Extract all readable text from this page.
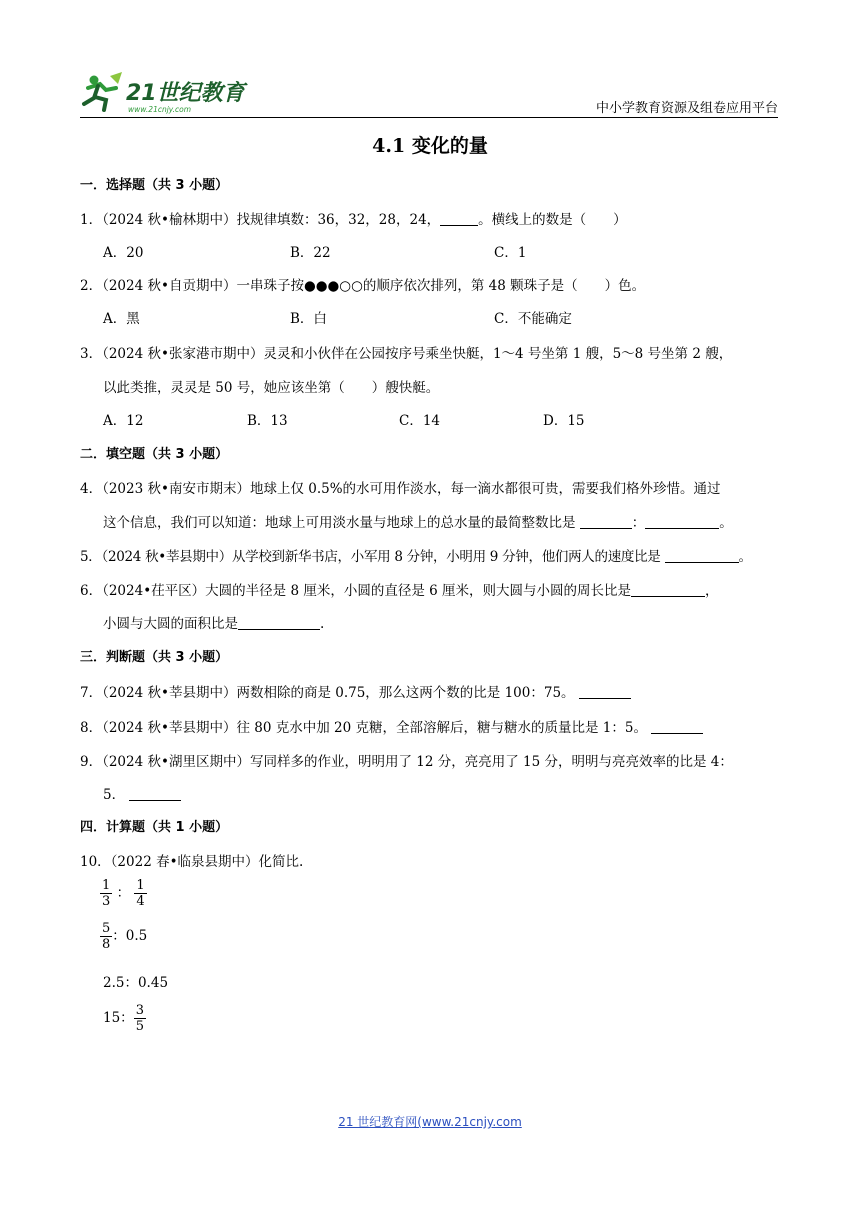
21世纪教育
www.21cnjy.com	中小学教育资源及组卷应用平台
4.1 变化的量
一．选择题（共 3 小题）
1．（2024 秋•榆林期中）找规律填数：36，32，28，24，	。横线上的数是（　　）
A．20	B．22	C．1
2．（2024 秋•自贡期中）一串珠子按●●●○○的顺序依次排列，第 48 颗珠子是（　　）色。
A．黑	B．白	C．不能确定
3．（2024 秋•张家港市期中）灵灵和小伙伴在公园按序号乘坐快艇，1～4 号坐第 1 艘，5～8 号坐第 2 艘，
以此类推，灵灵是 50 号，她应该坐第（　　）艘快艇。
A．12	B．13	C．14	D．15
二．填空题（共 3 小题）
4．（2023 秋•南安市期末）地球上仅 0.5%的水可用作淡水，每一滴水都很可贵，需要我们格外珍惜。通过
这个信息，我们可以知道：地球上可用淡水量与地球上的总水量的最简整数比是	：	。
5．（2024 秋•莘县期中）从学校到新华书店，小军用 8 分钟，小明用 9 分钟，他们两人的速度比是	。
6．（2024•茌平区）大圆的半径是 8 厘米，小圆的直径是 6 厘米，则大圆与小圆的周长比是	，
小圆与大圆的面积比是	.
三．判断题（共 3 小题）
7．（2024 秋•莘县期中）两数相除的商是 0.75，那么这两个数的比是 100：75。
8．（2024 秋•莘县期中）往 80 克水中加 20 克糖，全部溶解后，糖与糖水的质量比是 1：5。
9．（2024 秋•湖里区期中）写同样多的作业，明明用了 12 分，亮亮用了 15 分，明明与亮亮效率的比是 4：
5．
四．计算题（共 1 小题）
10．（2022 春•临泉县期中）化简比.
$\frac{1}{3}$ ： $\frac{1}{4}$
$\frac{5}{8}$ ：0.5
2.5：0.45
15： $\frac{3}{5}$
21 世纪教育网(www.21cnjy.com
